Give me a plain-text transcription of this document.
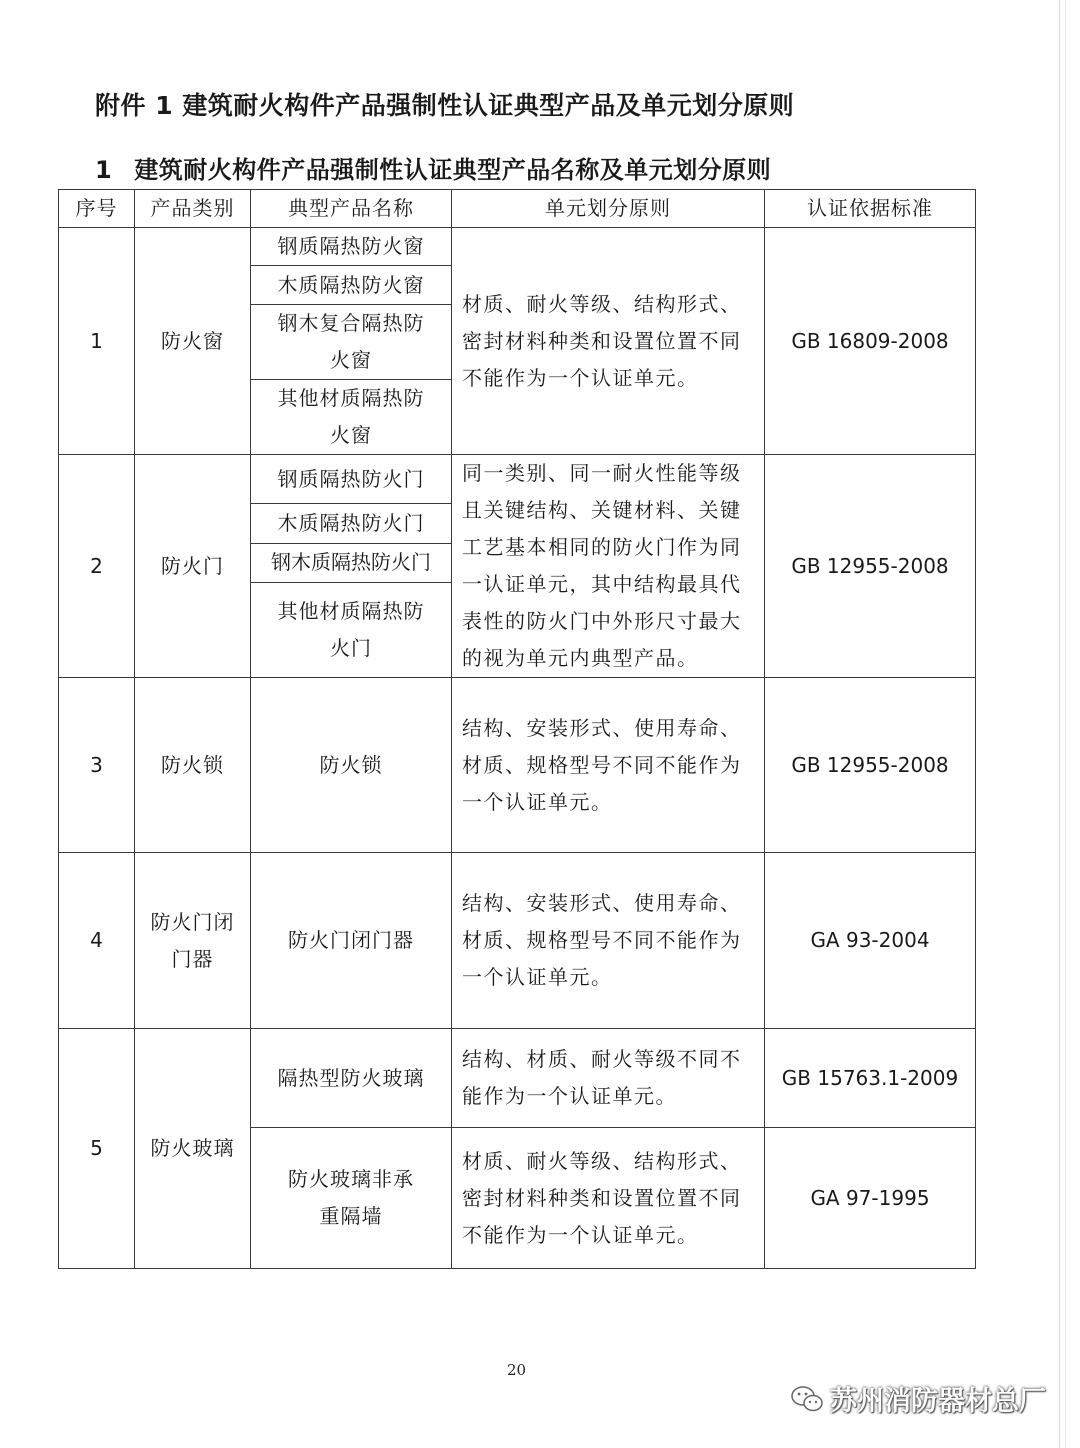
附件 1 建筑耐火构件产品强制性认证典型产品及单元划分原则
1 建筑耐火构件产品强制性认证典型产品名称及单元划分原则
序号	产品类别	典型产品名称	单元划分原则	认证依据标准
1	防火窗	钢质隔热防火窗	材质、耐火等级、结构形式、密封材料种类和设置位置不同不能作为一个认证单元。	GB 16809-2008
		木质隔热防火窗		
		钢木复合隔热防火窗		
		其他材质隔热防火窗		
2	防火门	钢质隔热防火门	同一类别、同一耐火性能等级且关键结构、关键材料、关键工艺基本相同的防火门作为同一认证单元，其中结构最具代表性的防火门中外形尺寸最大的视为单元内典型产品。	GB 12955-2008
		木质隔热防火门		
		钢木质隔热防火门		
		其他材质隔热防火门		
3	防火锁	防火锁	结构、安装形式、使用寿命、材质、规格型号不同不能作为一个认证单元。	GB 12955-2008
4	防火门闭门器	防火门闭门器	结构、安装形式、使用寿命、材质、规格型号不同不能作为一个认证单元。	GA 93-2004
5	防火玻璃	隔热型防火玻璃	结构、材质、耐火等级不同不能作为一个认证单元。	GB 15763.1-2009
		防火玻璃非承重隔墙	材质、耐火等级、结构形式、密封材料种类和设置位置不同不能作为一个认证单元。	GA 97-1995
20
苏州消防器材总厂
